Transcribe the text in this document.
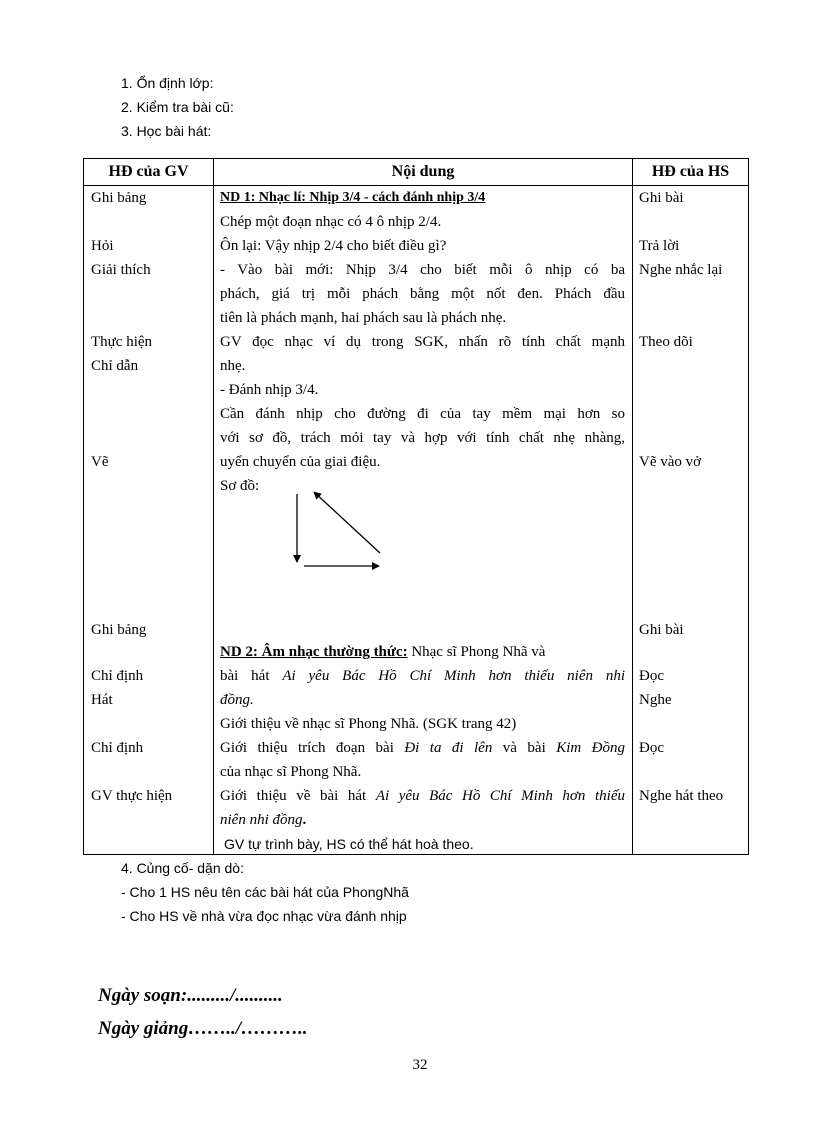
1. Ổn định lớp:
2. Kiểm tra bài cũ:
3. Học bài hát:
HĐ của GV	Nội dung	HĐ của HS
Ghi bảng
Hỏi
Giải thích
Thực hiện
Chỉ dẫn
Vẽ
Ghi bảng
Chỉ định
Hát
Chỉ định
GV thực hiện
Ghi bài
Trả lời
Nghe nhắc lại
Theo dõi
Vẽ vào vở
Ghi bài
Đọc
Nghe
Đọc
Nghe hát theo
ND 1: Nhạc lí: Nhịp 3/4 - cách đánh nhịp 3/4
Chép một đoạn nhạc có 4 ô nhịp 2/4.
Ôn lại: Vậy nhịp 2/4 cho biết điều gì?
- Vào bài mới: Nhịp 3/4 cho biết mỗi ô nhịp có ba
phách, giá trị mỗi phách bằng một nốt đen. Phách đầu
tiên là phách mạnh, hai phách sau là phách nhẹ.
GV đọc nhạc ví dụ trong SGK, nhấn rõ tính chất mạnh
nhẹ.
- Đánh nhịp 3/4.
Cần đánh nhịp cho đường đi của tay mềm mại hơn so
với sơ đồ, trách mỏi tay và hợp với tính chất nhẹ nhàng,
uyển chuyển của giai điệu.
Sơ đồ:
ND 2: Âm nhạc thường thức: Nhạc sĩ Phong Nhã và
bài hát Ai yêu Bác Hồ Chí Minh hơn thiếu niên nhi
đồng.
Giới thiệu về nhạc sĩ Phong Nhã. (SGK trang 42)
Giới thiệu trích đoạn bài Đi ta đi lên và bài Kim Đồng
của nhạc sĩ Phong Nhã.
Giới thiệu về bài hát Ai yêu Bác Hồ Chí Minh hơn thiếu
niên nhi đồng.
GV tự trình bày, HS có thể hát hoà theo.
4. Củng cố- dặn dò:
- Cho 1 HS nêu tên các bài hát của PhongNhã
- Cho HS về nhà vừa đọc nhạc vừa đánh nhịp
Ngày soạn:........./..........
Ngày giảng……../………..
32
